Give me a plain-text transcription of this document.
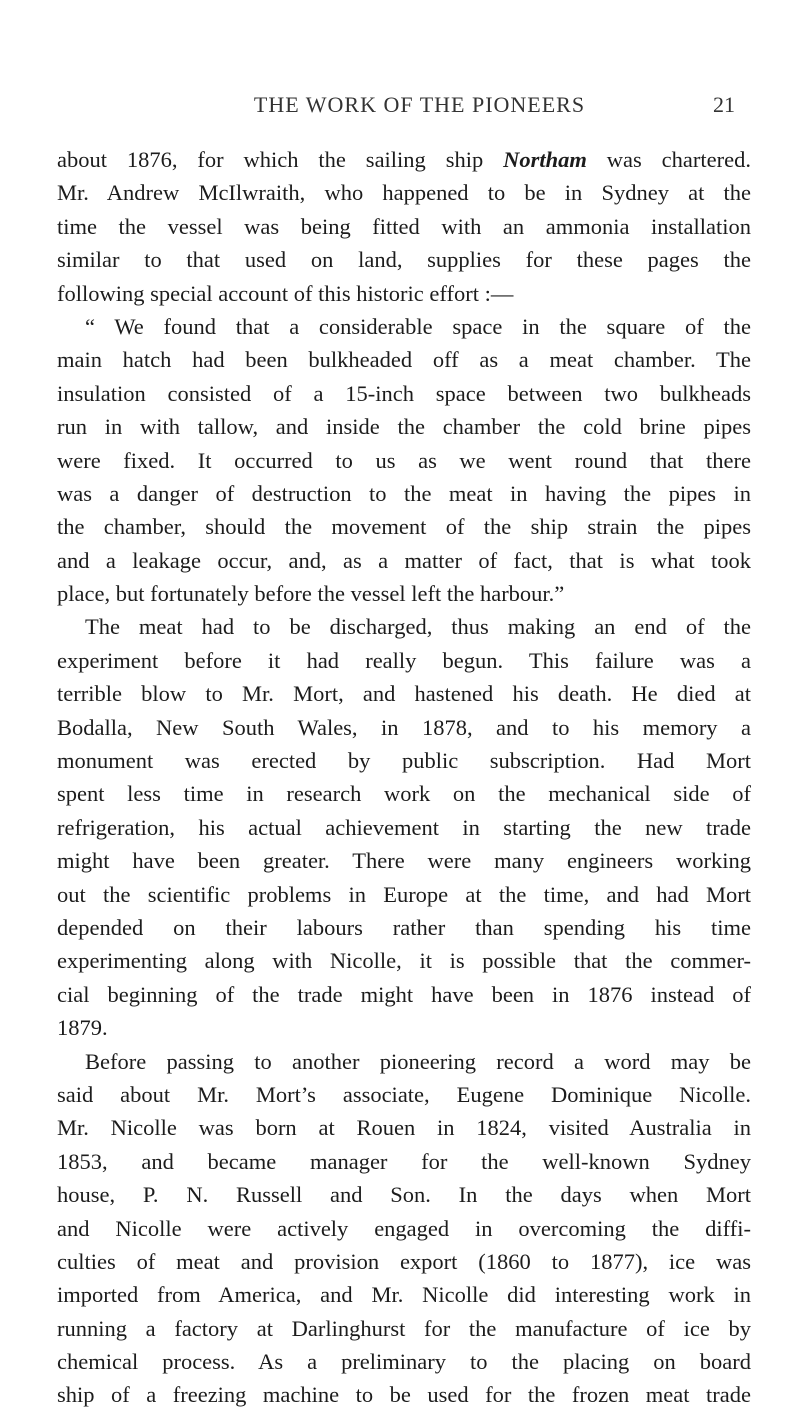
THE WORK OF THE PIONEERS	21
about 1876, for which the sailing ship Northam was chartered.
Mr. Andrew McIlwraith, who happened to be in Sydney at the
time the vessel was being fitted with an ammonia installation
similar to that used on land, supplies for these pages the
following special account of this historic effort :—
“ We found that a considerable space in the square of the
main hatch had been bulkheaded off as a meat chamber. The
insulation consisted of a 15-inch space between two bulkheads
run in with tallow, and inside the chamber the cold brine pipes
were fixed. It occurred to us as we went round that there
was a danger of destruction to the meat in having the pipes in
the chamber, should the movement of the ship strain the pipes
and a leakage occur, and, as a matter of fact, that is what took
place, but fortunately before the vessel left the harbour.”
The meat had to be discharged, thus making an end of the
experiment before it had really begun. This failure was a
terrible blow to Mr. Mort, and hastened his death. He died at
Bodalla, New South Wales, in 1878, and to his memory a
monument was erected by public subscription. Had Mort
spent less time in research work on the mechanical side of
refrigeration, his actual achievement in starting the new trade
might have been greater. There were many engineers working
out the scientific problems in Europe at the time, and had Mort
depended on their labours rather than spending his time
experimenting along with Nicolle, it is possible that the commer-
cial beginning of the trade might have been in 1876 instead of
1879.
Before passing to another pioneering record a word may be
said about Mr. Mort’s associate, Eugene Dominique Nicolle.
Mr. Nicolle was born at Rouen in 1824, visited Australia in
1853, and became manager for the well-known Sydney
house, P. N. Russell and Son. In the days when Mort
and Nicolle were actively engaged in overcoming the diffi-
culties of meat and provision export (1860 to 1877), ice was
imported from America, and Mr. Nicolle did interesting work in
running a factory at Darlinghurst for the manufacture of ice by
chemical process. As a preliminary to the placing on board
ship of a freezing machine to be used for the frozen meat trade
